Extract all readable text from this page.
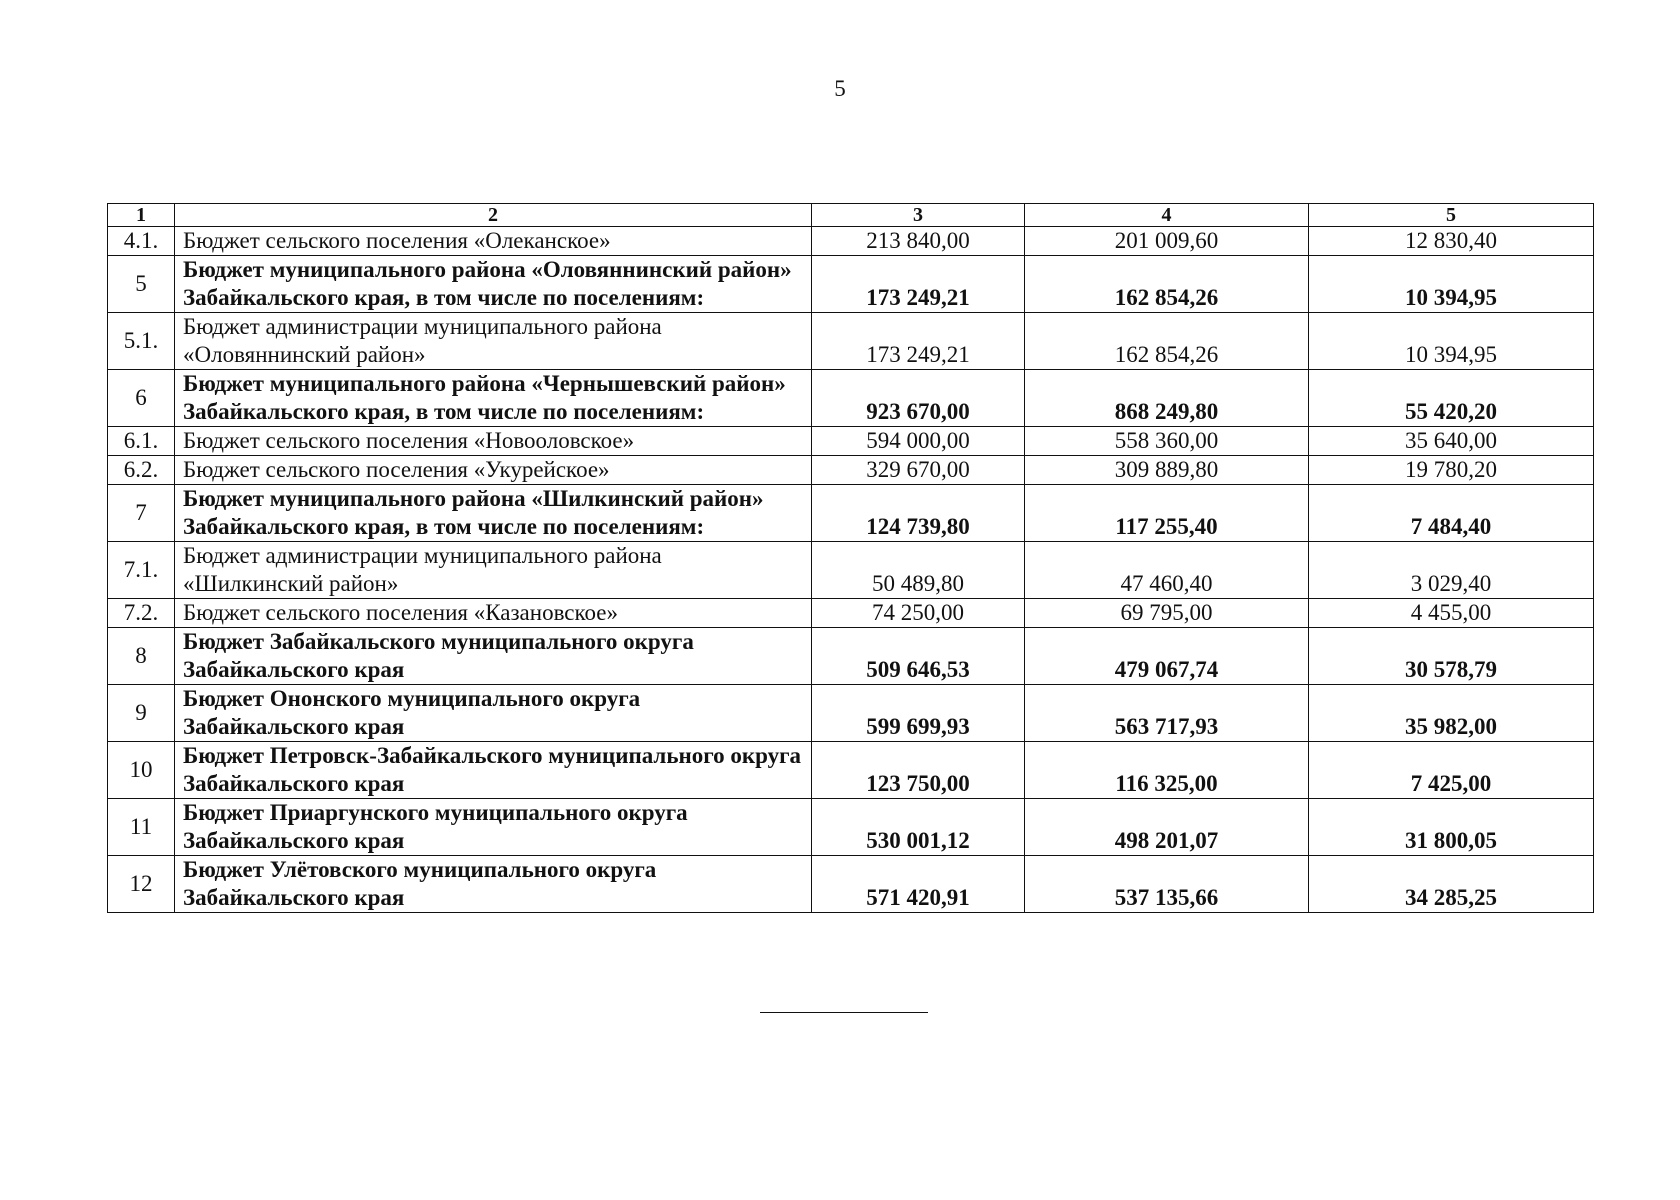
5
1	2	3	4	5
4.1.	Бюджет сельского поселения «Олеканское»	213 840,00	201 009,60	12 830,40
5	Бюджет муниципального района «Оловяннинский район» Забайкальского края, в том числе по поселениям:	173 249,21	162 854,26	10 394,95
5.1.	Бюджет администрации муниципального района «Оловяннинский район»	173 249,21	162 854,26	10 394,95
6	Бюджет муниципального района «Чернышевский район» Забайкальского края, в том числе по поселениям:	923 670,00	868 249,80	55 420,20
6.1.	Бюджет сельского поселения «Новооловское»	594 000,00	558 360,00	35 640,00
6.2.	Бюджет сельского поселения «Укурейское»	329 670,00	309 889,80	19 780,20
7	Бюджет муниципального района «Шилкинский район» Забайкальского края, в том числе по поселениям:	124 739,80	117 255,40	7 484,40
7.1.	Бюджет администрации муниципального района «Шилкинский район»	50 489,80	47 460,40	3 029,40
7.2.	Бюджет сельского поселения «Казановское»	74 250,00	69 795,00	4 455,00
8	Бюджет Забайкальского муниципального округа Забайкальского края	509 646,53	479 067,74	30 578,79
9	Бюджет Ононского муниципального округа Забайкальского края	599 699,93	563 717,93	35 982,00
10	Бюджет Петровск-Забайкальского муниципального округа Забайкальского края	123 750,00	116 325,00	7 425,00
11	Бюджет Приаргунского муниципального округа Забайкальского края	530 001,12	498 201,07	31 800,05
12	Бюджет Улётовского муниципального округа Забайкальского края	571 420,91	537 135,66	34 285,25
